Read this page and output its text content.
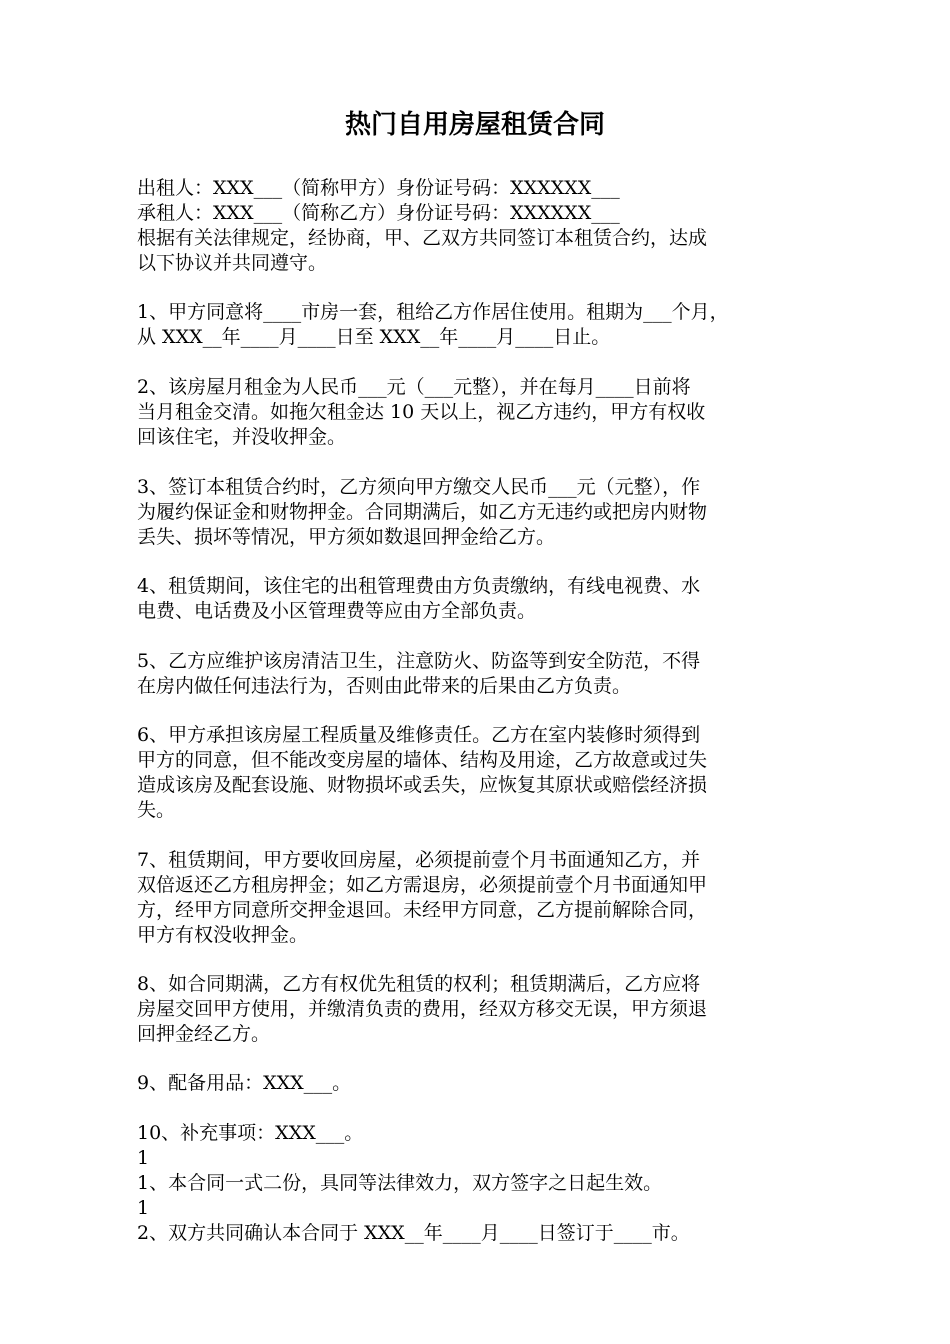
热门自用房屋租赁合同
出租人：XXX___（简称甲方）身份证号码：XXXXXX___
承租人：XXX___（简称乙方）身份证号码：XXXXXX___
根据有关法律规定，经协商，甲、乙双方共同签订本租赁合约，达成
以下协议并共同遵守。
1、甲方同意将____市房一套，租给乙方作居住使用。租期为___个月，
从 XXX__年____月____日至 XXX__年____月____日止。
2、该房屋月租金为人民币___元（___元整），并在每月____日前将
当月租金交清。如拖欠租金达 10 天以上，视乙方违约，甲方有权收
回该住宅，并没收押金。
3、签订本租赁合约时，乙方须向甲方缴交人民币___元（元整），作
为履约保证金和财物押金。合同期满后，如乙方无违约或把房内财物
丢失、损坏等情况，甲方须如数退回押金给乙方。
4、租赁期间，该住宅的出租管理费由方负责缴纳，有线电视费、水
电费、电话费及小区管理费等应由方全部负责。
5、乙方应维护该房清洁卫生，注意防火、防盗等到安全防范，不得
在房内做任何违法行为，否则由此带来的后果由乙方负责。
6、甲方承担该房屋工程质量及维修责任。乙方在室内装修时须得到
甲方的同意，但不能改变房屋的墙体、结构及用途，乙方故意或过失
造成该房及配套设施、财物损坏或丢失，应恢复其原状或赔偿经济损
失。
7、租赁期间，甲方要收回房屋，必须提前壹个月书面通知乙方，并
双倍返还乙方租房押金；如乙方需退房，必须提前壹个月书面通知甲
方，经甲方同意所交押金退回。未经甲方同意，乙方提前解除合同，
甲方有权没收押金。
8、如合同期满，乙方有权优先租赁的权利；租赁期满后，乙方应将
房屋交回甲方使用，并缴清负责的费用，经双方移交无误，甲方须退
回押金经乙方。
9、配备用品：XXX___。
10、补充事项：XXX___。
1
1、本合同一式二份，具同等法律效力，双方签字之日起生效。
1
2、双方共同确认本合同于 XXX__年____月____日签订于____市。
